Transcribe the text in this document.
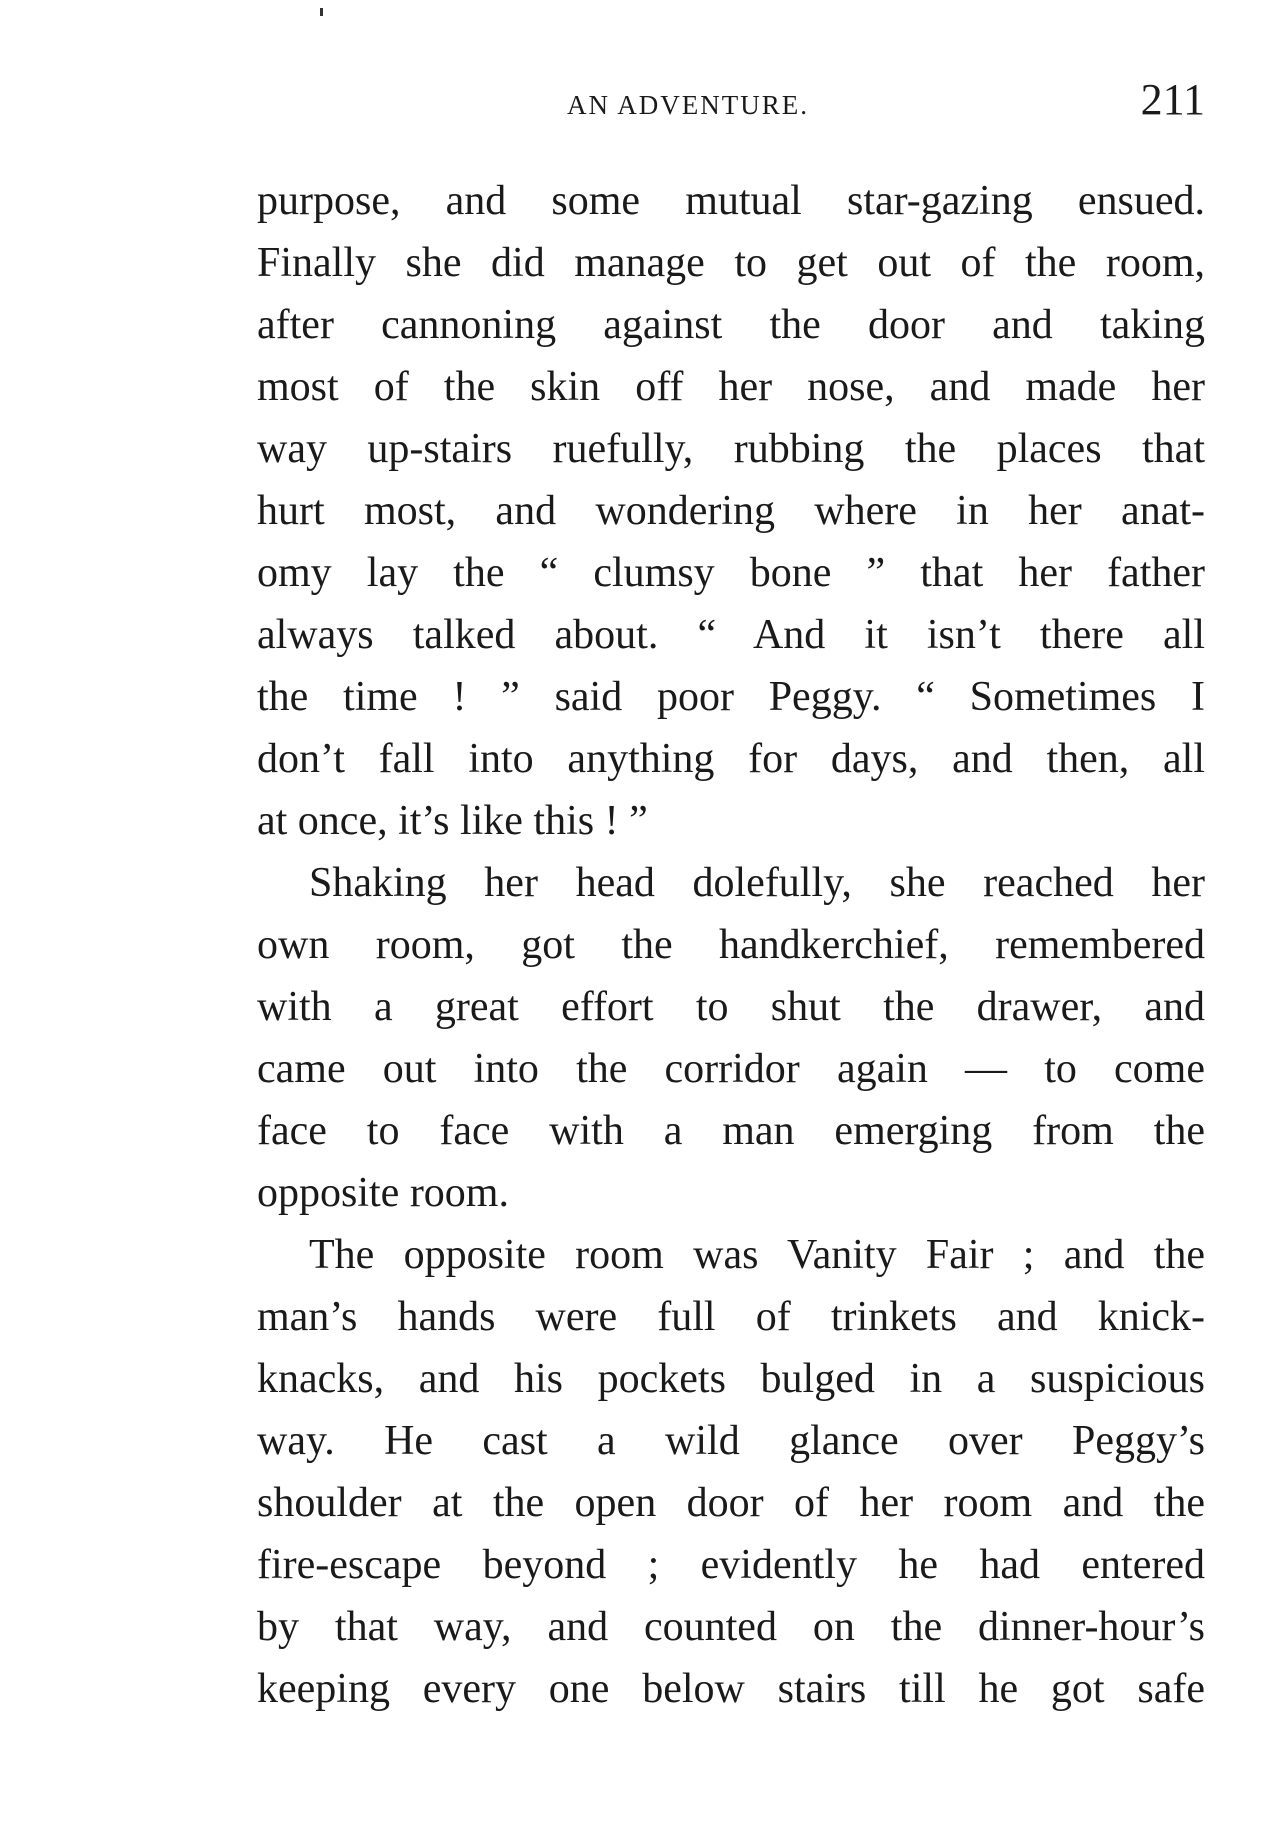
AN ADVENTURE.	211
purpose, and some mutual star-gazing ensued.
Finally she did manage to get out of the room,
after cannoning against the door and taking
most of the skin off her nose, and made her
way up-stairs ruefully, rubbing the places that
hurt most, and wondering where in her anat-
omy lay the “ clumsy bone ” that her father
always talked about. “ And it isn’t there all
the time ! ” said poor Peggy. “ Sometimes I
don’t fall into anything for days, and then, all
at once, it’s like this ! ”
Shaking her head dolefully, she reached her
own room, got the handkerchief, remembered
with a great effort to shut the drawer, and
came out into the corridor again — to come
face to face with a man emerging from the
opposite room.
The opposite room was Vanity Fair ; and the
man’s hands were full of trinkets and knick-
knacks, and his pockets bulged in a suspicious
way. He cast a wild glance over Peggy’s
shoulder at the open door of her room and the
fire-escape beyond ; evidently he had entered
by that way, and counted on the dinner-hour’s
keeping every one below stairs till he got safe
